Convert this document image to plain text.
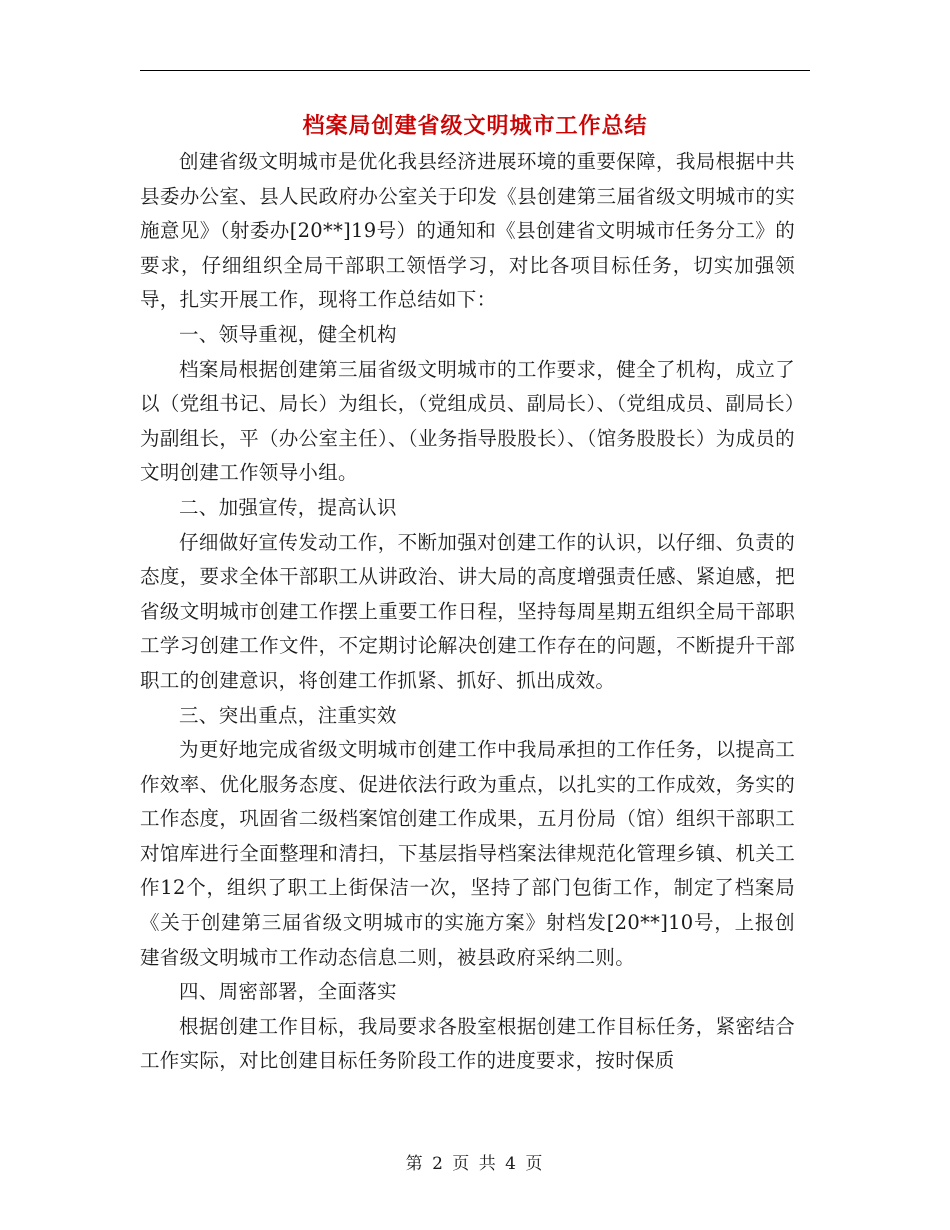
档案局创建省级文明城市工作总结

创建省级文明城市是优化我县经济进展环境的重要保障，我局根据中共县委办公室、县人民政府办公室关于印发《县创建第三届省级文明城市的实施意见》（射委办[20**]19号）的通知和《县创建省文明城市任务分工》的要求，仔细组织全局干部职工领悟学习，对比各项目标任务，切实加强领导，扎实开展工作，现将工作总结如下：

一、领导重视，健全机构

档案局根据创建第三届省级文明城市的工作要求，健全了机构，成立了以（党组书记、局长）为组长，（党组成员、副局长）、（党组成员、副局长）为副组长，平（办公室主任）、（业务指导股股长）、（馆务股股长）为成员的文明创建工作领导小组。

二、加强宣传，提高认识

仔细做好宣传发动工作，不断加强对创建工作的认识，以仔细、负责的态度，要求全体干部职工从讲政治、讲大局的高度增强责任感、紧迫感，把省级文明城市创建工作摆上重要工作日程，坚持每周星期五组织全局干部职工学习创建工作文件，不定期讨论解决创建工作存在的问题，不断提升干部职工的创建意识，将创建工作抓紧、抓好、抓出成效。

三、突出重点，注重实效

为更好地完成省级文明城市创建工作中我局承担的工作任务，以提高工作效率、优化服务态度、促进依法行政为重点，以扎实的工作成效，务实的工作态度，巩固省二级档案馆创建工作成果，五月份局（馆）组织干部职工对馆库进行全面整理和清扫，下基层指导档案法律规范化管理乡镇、机关工作12个，组织了职工上街保洁一次，坚持了部门包街工作，制定了档案局《关于创建第三届省级文明城市的实施方案》射档发[20**]10号，上报创建省级文明城市工作动态信息二则，被县政府采纳二则。

四、周密部署，全面落实

根据创建工作目标，我局要求各股室根据创建工作目标任务，紧密结合工作实际，对比创建目标任务阶段工作的进度要求，按时保质

第 2 页 共 4 页
